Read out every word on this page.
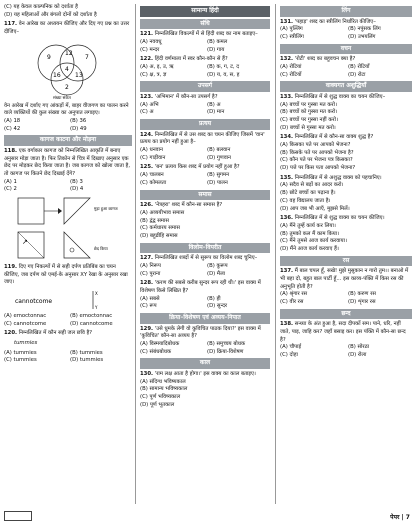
(C) यह केवल काल्पनिक को दर्शाता है
(D) यह महिलाओं और बंगलो दोनों को दर्शाता है
117. वेन आरेख का अध्ययन कीजिए और दिए गए प्रश्न का उत्तर दीजिए–
9
12
7
4
16 13
2
संख्या संकेत
वेन आरेख में दर्शाए गए आंकड़ों में, बाहर वीजगण का पालन करने वाले व्यक्तियों की कुल संख्या का अनुपात लगाइए।
(A) 18	(B) 36
(C) 42	(D) 49
कागज काटना और मोड़ना
118. एक वर्गाकार कागज को निम्नलिखित आकृति में बनाए अनुसार मोड़ा जाता है। फिर तिकोन से चित्र में दिखाए अनुसार एक छेद पर मोड़कर छेद किया जाता है। जब कागज को खोला जाता है, तो कागज पर कितने छेद दिखाई देंगे?
(A) 1	(B) 3
(C) 2	(D) 4
मुड़ा हुआ कागज
↗
छेद किया
119. दिए गए निकल्पों में से सही दर्पण प्रतिबिंब का चयन कीजिए, जब दर्पण को एमई-के अनुसार XY रेखा के अनुसार रखा जाए।
cannotcome
X
Y
(A) emoctonnac	(B) emoctonnac
(C) cannotcome	(D) cannotcome
120. निम्नलिखित में कौन सही जल छवि है?
tummies
(A) tummies	(B) tummies
(C) tummies	(D) tummies
सामान्य हिंदी
संधि
121. निम्नलिखित विकल्पों में से हिंदी शब्द का नाम बताइए–
(A) नववधू	(B) कमल
(C) मन्दर	(D) गाय
122. हिंदी वर्णमाला में स्वर कौन-कौन से हैं?
(A) अ, इ, उ, ऋ	(B) क, ग, ट, द
(C) क्ष, त्र, ज्ञ	(D) य, व, स, ह
उपसर्ग
123. 'अभिमान' में कौन-सा उपसर्ग है?
(A) अभि	(B) अ
(C) अ	(D) मान
प्रत्यय
124. निम्नलिखित में से उस शब्द का चयन कीजिए जिसमें 'वान' प्रत्यय का प्रयोग नहीं हुआ है–
(A) धनवान	(B) बलवान
(C) गाड़ीवान	(D) गुणवान
125. 'बन' प्रत्यय किस शब्द में प्रयोग नहीं हुआ है?
(A) चालबन	(B) सुगमन
(C) कोमलता	(D) पालन
समास
126. 'नेत्रहरा' शब्द में कौन-सा समास है?
(A) अव्ययीभाव समास
(B) द्वंद्व समास
(C) कर्मधारय समास
(D) बहुव्रीहि समास
विलोम–विपरीत
127. निम्नलिखित शब्दों में से सुरूप का विलोम शब्द चुनिए–
(A) निरूप	(B) कुरूप
(C) पुराना	(D) मैला
128. 'करण की सबसे करीब सुन्दर रूप रही थी।' इस वाक्य में विशेषण किसे लिखित है?
(A) सबसे	(B) ही
(C) रूप	(D) सुन्दर
क्रिया–विशेषण एवं अव्यय–निपात
129. 'उसे धुमके लेगी वो कुविचित पाठक दिया?' इस वाक्य में 'कुविचित' कौन-सा अव्यय है?
(A) विस्मयादिबोधक	(B) समुच्चय बोधक
(C) संबंधबोधक	(D) क्रिया-विशेषण
काल
130. 'राम लक्ष आता है होगा।' इस वाक्य का काल बताइए।
(A) संदिग्ध भविष्यकाल
(B) सामान्य भविष्यकाल
(C) पूर्ण भविष्यकाल
(D) पूर्ण भूतकाल
लिंग
131. 'पहाड़' शब्द का स्त्रीलिंग निर्धारित कीजिए–
(A) पुल्लिंग	(B) नपुंसक लिंग
(C) स्त्रीलिंग	(D) उभयलिंग
वचन
132. 'रोटी' शब्द का बहुवचन क्या है?
(A) रोटियां	(B) रोटियाँ
(C) रोटियों	(D) रोटा
वाक्यगत अशुद्धियाँ
133. निम्नलिखित में से शुद्ध वाक्य का चयन कीजिए–
(A) बच्चों पर गुस्सा मत करो।
(B) बच्चों को गुस्सा मत करो।
(C) बच्चों पर गुस्सा नहीं करो।
(D) बच्चों से गुस्सा मत करो।
134. निम्नलिखित में से कौन-सा वाक्य शुद्ध है?
(A) किसका पते पर आपको भेजना?
(B) किसके पते पर आपको भेजना है?
(C) कौन पते पर भेजना पत्र किसका?
(D) पत्ते पर किस पता आपको भेजना?
135. निम्नलिखित में से अशुद्ध वाक्य को पहचानिए।
(A) सदैव से बड़ों का आदर करो।
(B) छोटे बच्चों का पढ़ाना है।
(C) वह विद्यालय जाता है।
(D) आप जब भी आएँ, मुझसे मिलें।
136. निम्नलिखित में से शुद्ध वाक्य का चयन कीजिए।
(A) मैंने तुम्हें कार्य कर लिया।
(B) तुमको कल मैं काम किया।
(C) मैंने तुमसे आज कार्य करवाया।
(D) मैंने आज कार्य करवाए हैं।
रस
137. मैं बाल चपल हूँ, सखे! मुझे मुसुकान न गारो तुम।। बनाओ में भी बहा दो, बहुत बाल पार्टी हूँ... इस काव्य-पंक्ति में किस रस की अनुभूति होती है?
(A) श्रृंगार रस	(B) करुण रस
(C) वीर रस	(D) शृंगार रस
छन्द
138. सन्ध्या के अंत हुआ है, सदा दीपकों सम। पाने, धरि, नहीं जाते, पाइ, जाहि कर? जहाँ बसाइ कर। इस पंक्ति में कौन-सा छन्द है?
(A) चौपाई	(B) सोरठा
(C) दोहा	(D) रोला
पेपर | 7
